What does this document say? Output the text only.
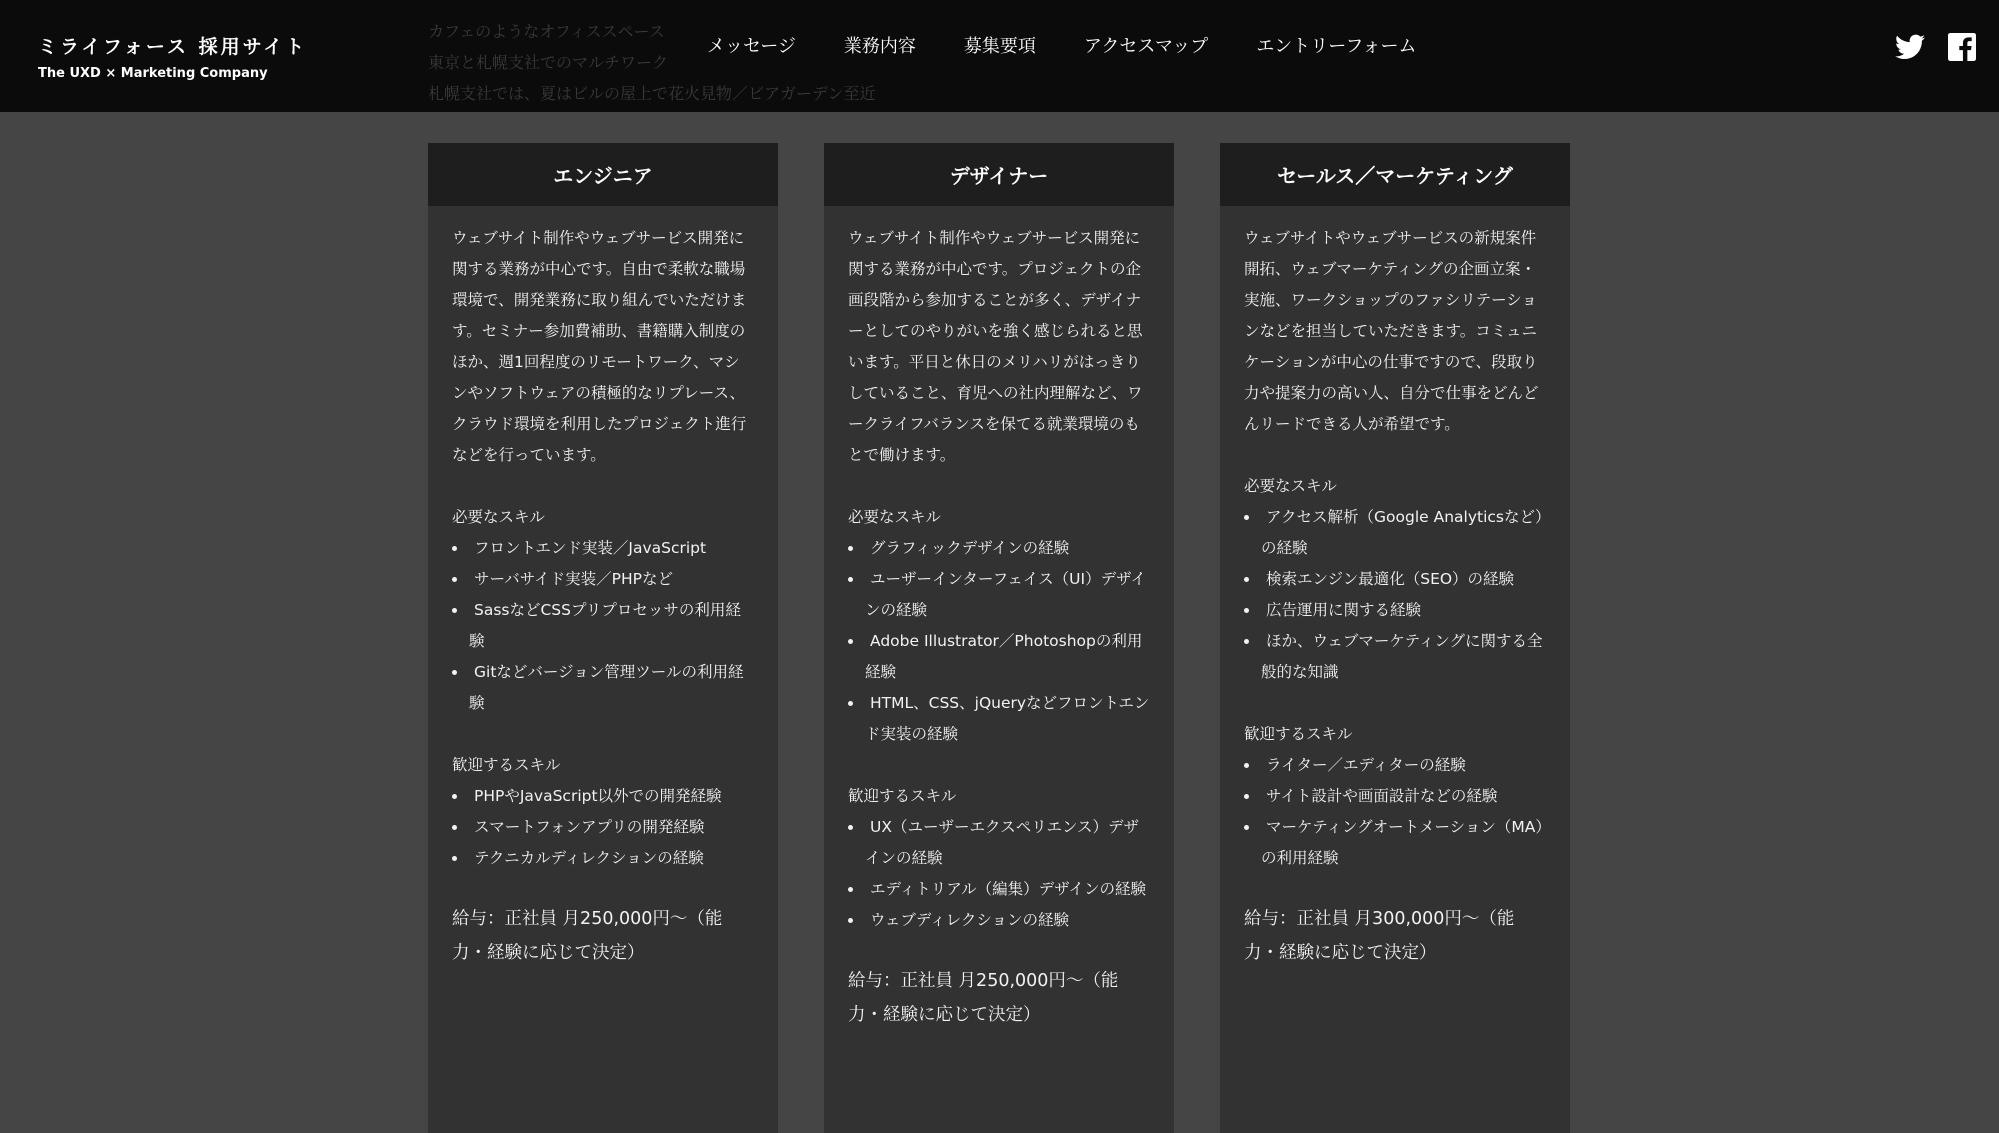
ミライフォース 採用サイト
The UXD × Marketing Company
カフェのようなオフィススペース
東京と札幌支社でのマルチワーク
札幌支社では、夏はビルの屋上で花火見物／ビアガーデン至近
メッセージ	業務内容	募集要項	アクセスマップ	エントリーフォーム
エンジニア

ウェブサイト制作やウェブサービス開発に関する業務が中心です。自由で柔軟な職場環境で、開発業務に取り組んでいただけます。セミナー参加費補助、書籍購入制度のほか、週1回程度のリモートワーク、マシンやソフトウェアの積極的なリプレース、クラウド環境を利用したプロジェクト進行などを行っています。

必要なスキル

フロントエンド実装／JavaScript
サーバサイド実装／PHPなど
SassなどCSSプリプロセッサの利用経験
Gitなどバージョン管理ツールの利用経験

歓迎するスキル

PHPやJavaScript以外での開発経験
スマートフォンアプリの開発経験
テクニカルディレクションの経験

給与：正社員 月250,000円〜（能力・経験に応じて決定）

デザイナー

ウェブサイト制作やウェブサービス開発に関する業務が中心です。プロジェクトの企画段階から参加することが多く、デザイナーとしてのやりがいを強く感じられると思います。平日と休日のメリハリがはっきりしていること、育児への社内理解など、ワークライフバランスを保てる就業環境のもとで働けます。

必要なスキル

グラフィックデザインの経験
ユーザーインターフェイス（UI）デザインの経験
Adobe Illustrator／Photoshopの利用経験
HTML、CSS、jQueryなどフロントエンド実装の経験

歓迎するスキル

UX（ユーザーエクスペリエンス）デザインの経験
エディトリアル（編集）デザインの経験
ウェブディレクションの経験

給与：正社員 月250,000円〜（能力・経験に応じて決定）

セールス／マーケティング

ウェブサイトやウェブサービスの新規案件開拓、ウェブマーケティングの企画立案・実施、ワークショップのファシリテーションなどを担当していただきます。コミュニケーションが中心の仕事ですので、段取り力や提案力の高い人、自分で仕事をどんどんリードできる人が希望です。

必要なスキル

アクセス解析（Google Analyticsなど）の経験
検索エンジン最適化（SEO）の経験
広告運用に関する経験
ほか、ウェブマーケティングに関する全般的な知識

歓迎するスキル

ライター／エディターの経験
サイト設計や画面設計などの経験
マーケティングオートメーション（MA）の利用経験

給与：正社員 月300,000円〜（能力・経験に応じて決定）
